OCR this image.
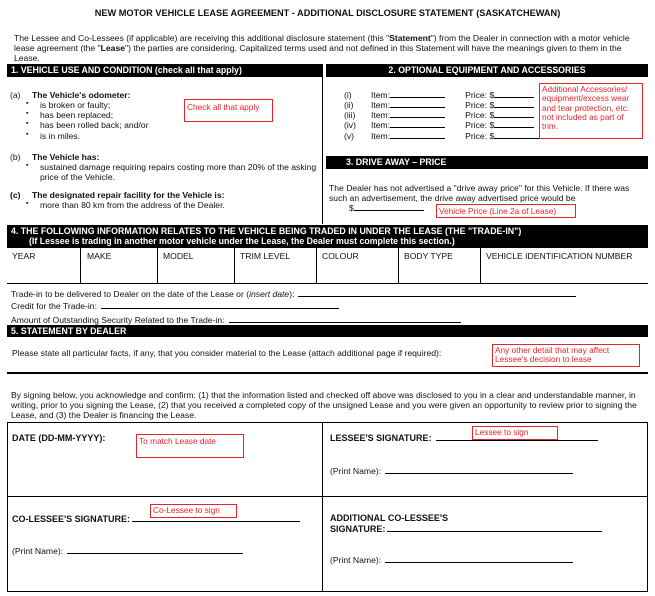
NEW MOTOR VEHICLE LEASE AGREEMENT - ADDITIONAL DISCLOSURE STATEMENT (SASKATCHEWAN)
The Lessee and Co-Lessees (if applicable) are receiving this additional disclosure statement (this "Statement") from the Dealer in connection with a motor vehicle lease agreement (the "Lease") the parties are considering. Capitalized terms used and not defined in this Statement will have the meanings given to them in the Lease.
1. VEHICLE USE AND CONDITION (check all that apply)	2. OPTIONAL EQUIPMENT AND ACCESSORIES
(a)	The Vehicle's odometer:
▪ is broken or faulty;
▪ has been replaced;
▪ has been rolled back; and/or
▪ is in miles.
(b)	The Vehicle has:
▪ sustained damage requiring repairs costing more than 20% of the asking price of the Vehicle.
(c)	The designated repair facility for the Vehicle is:
▪ more than 80 km from the address of the Dealer.
(i)	Item:	Price: $
(ii)	Item:	Price: $
(iii)	Item:	Price: $
(iv)	Item:	Price: $
(v)	Item:	Price: $
3. DRIVE AWAY – PRICE
The Dealer has not advertised a "drive away price" for this Vehicle. If there was such an advertisement, the drive away advertised price would be
$
4. THE FOLLOWING INFORMATION RELATES TO THE VEHICLE BEING TRADED IN UNDER THE LEASE (THE "TRADE-IN")
(If Lessee is trading in another motor vehicle under the Lease, the Dealer must complete this section.)
YEAR	MAKE	MODEL	TRIM LEVEL	COLOUR	BODY TYPE	VEHICLE IDENTIFICATION NUMBER
Trade-in to be delivered to Dealer on the date of the Lease or ( insert date ):
Credit for the Trade-in:
Amount of Outstanding Security Related to the Trade-in:
5. STATEMENT BY DEALER
Please state all particular facts, if any, that you consider material to the Lease (attach additional page if required):
By signing below, you acknowledge and confirm: (1) that the information listed and checked off above was disclosed to you in a clear and understandable manner, in writing, prior to you signing the Lease, (2) that you received a completed copy of the unsigned Lease and you were given an opportunity to review prior to signing the Lease, and (3) the Dealer is financing the Lease.
DATE (DD-MM-YYYY):	LESSEE'S SIGNATURE:
(Print Name):
CO-LESSEE'S SIGNATURE:
(Print Name):
ADDITIONAL CO-LESSEE'S
SIGNATURE:
(Print Name):
Check all that apply
Additional Accessories/ equipment/excess wear and tear protection, etc. not included as part of trim.
Vehicle Price (Line 2a of Lease)
Any other detail that may affect Lessee's decision to lease
To match Lease date
Lessee to sign
Co-Lessee to sign
